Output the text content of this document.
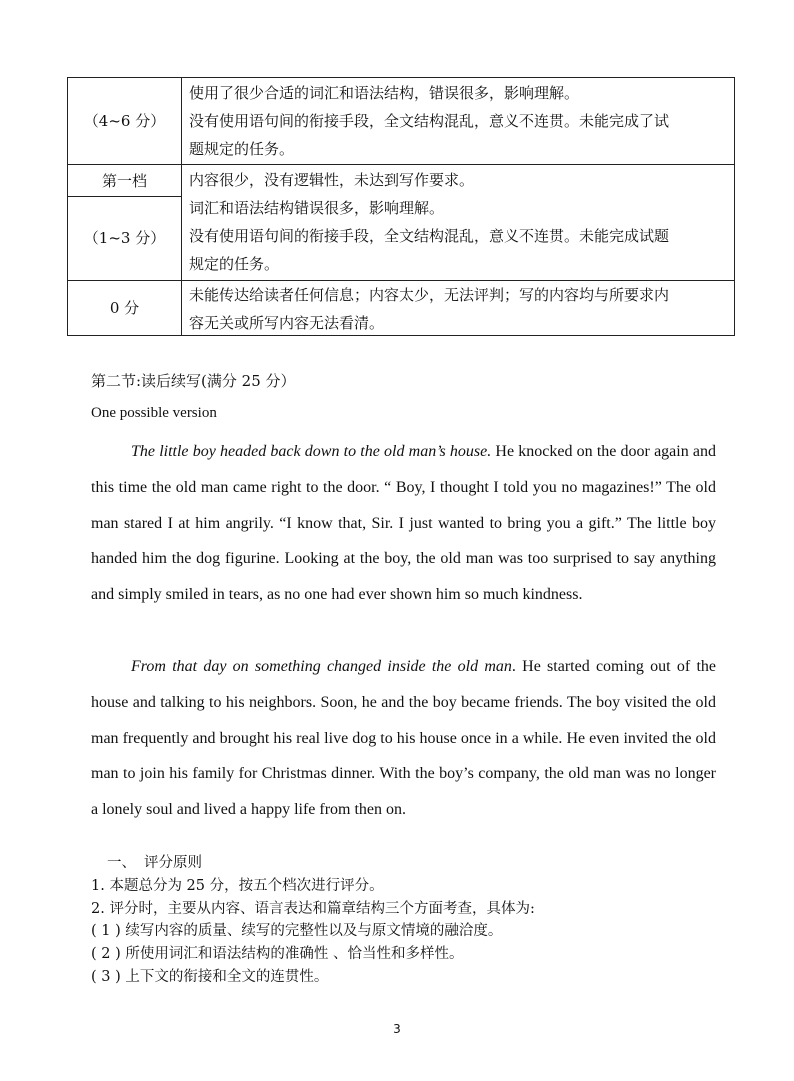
（4~6 分）
使用了很少合适的词汇和语法结构，错误很多，影响理解。
没有使用语句间的衔接手段，全文结构混乱，意义不连贯。未能完成了试
题规定的任务。
第一档
（1~3 分）
内容很少，没有逻辑性，未达到写作要求。
词汇和语法结构错误很多，影响理解。
没有使用语句间的衔接手段，全文结构混乱，意义不连贯。未能完成试题
规定的任务。
0 分
未能传达给读者任何信息；内容太少，无法评判；写的内容均与所要求内
容无关或所写内容无法看清。
第二节:读后续写(满分 25 分）
One possible version

The little boy headed back down to the old man’s house. He knocked on the door again and this time the old man came right to the door. “ Boy, I thought I told you no magazines!” The old man stared I at him angrily. “I know that, Sir. I just wanted to bring you a gift.” The little boy handed him the dog figurine. Looking at the boy, the old man was too surprised to say anything and simply smiled in tears, as no one had ever shown him so much kindness.

From that day on something changed inside the old man. He started coming out of the house and talking to his neighbors. Soon, he and the boy became friends. The boy visited the old man frequently and brought his real live dog to his house once in a while. He even invited the old man to join his family for Christmas dinner. With the boy’s company, the old man was no longer a lonely soul and lived a happy life from then on.

一、 评分原则
1. 本题总分为 25 分，按五个档次进行评分。
2. 评分时，主要从内容、语言表达和篇章结构三个方面考查，具体为:
( 1 ) 续写内容的质量、续写的完整性以及与原文情境的融洽度。
( 2 ) 所使用词汇和语法结构的准确性 、恰当性和多样性。
( 3 ) 上下文的衔接和全文的连贯性。
3
